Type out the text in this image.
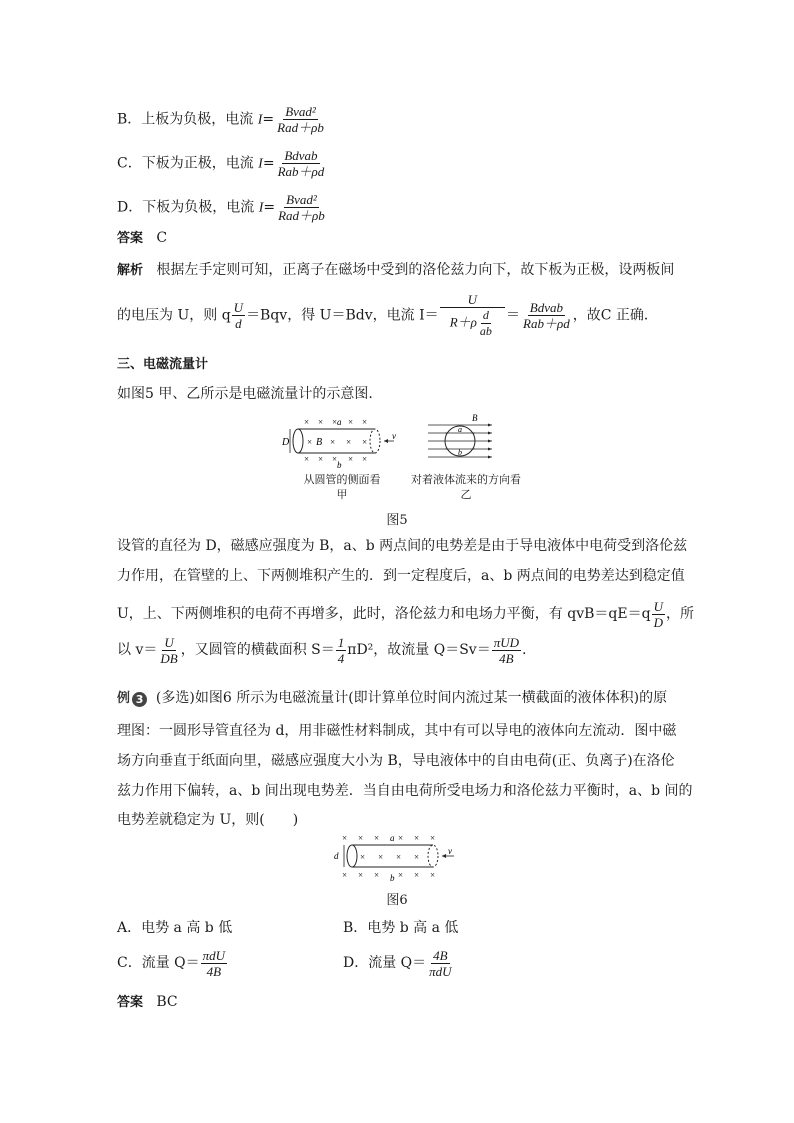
B．上板为负极，电流 $I= \frac{\text{Bvad²}}{\text{Rad＋ρb}}$
C．下板为正极，电流 $I= \frac{\text{Bdvab}}{\text{Rab＋ρd}}$
D．下板为负极，电流 $I= \frac{\text{Bvad²}}{\text{Rad＋ρb}}$
答案 C
解析 根据左手定则可知，正离子在磁场中受到的洛伦兹力向下，故下板为正极，设两板间
的电压为 U，则 q $\frac{U}{d} =Bqv$，得 U＝Bdv，电流 $I= \frac{U}{R+\rho \frac{d}{ab}} = \frac{\text{Bdvab}}{\text{Rab＋ρd}}$ ，故C 正确．
三、电磁流量计
如图5 甲、乙所示是电磁流量计的示意图.
D
× × × a × ×
× B × × ×
× × × × ×
b
v
B
a
b
从圆管的侧面看
甲
对着液体流来的方向看
乙
图5
设管的直径为 D，磁感应强度为 B，a、b 两点间的电势差是由于导电液体中电荷受到洛伦兹
力作用，在管壁的上、下两侧堆积产生的．到一定程度后，a、b 两点间的电势差达到稳定值
U，上、下两侧堆积的电荷不再增多，此时，洛伦兹力和电场力平衡，有 $qvB=qE=q \frac{U}{D}$ ，所
以 $v= \frac{U}{DB}$ ，又圆管的横截面积 $S= \frac{1}{4} \pi D^2$，故流量 $Q=Sv= \frac{\text{πUD}}{4B}$ .
例 3 (多选)如图6 所示为电磁流量计(即计算单位时间内流过某一横截面的液体体积)的原
理图：一圆形导管直径为 d，用非磁性材料制成，其中有可以导电的液体向左流动．图中磁
场方向垂直于纸面向里，磁感应强度大小为 B，导电液体中的自由电荷(正、负离子)在洛伦
兹力作用下偏转，a、b 间出现电势差．当自由电荷所受电场力和洛伦兹力平衡时，a、b 间的
电势差就稳定为 U，则(　　)
× × × a × × ×
d × × × ×
× × × b × × ×
v
图6
A．电势 a 高 b 低	B．电势 b 高 a 低
C．流量 $Q= \frac{\text{πdU}}{4B}$	D．流量 $Q= \frac{4B}{\text{πdU}}$
答案 BC
